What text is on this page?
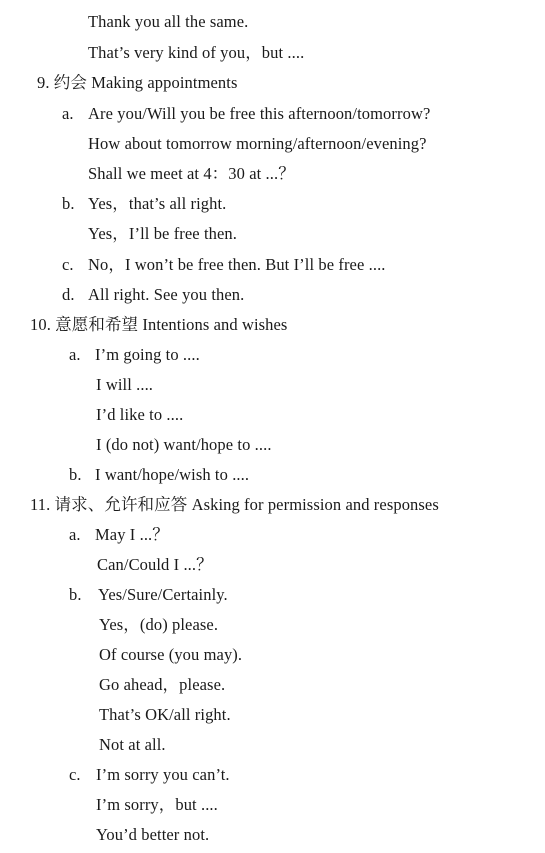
Thank you all the same.
That’s very kind of you，but ....
9. 约会 Making appointments
a. Are you/Will you be free this afternoon/tomorrow?
How about tomorrow morning/afternoon/evening?
Shall we meet at 4：30 at ...？
b. Yes，that’s all right.
Yes，I’ll be free then.
c. No，I won’t be free then. But I’ll be free ....
d. All right. See you then.
10. 意愿和希望 Intentions and wishes
a. I’m going to ....
I will ....
I’d like to ....
I (do not) want/hope to ....
b. I want/hope/wish to ....
11. 请求、允许和应答 Asking for permission and responses
a. May I ...？
Can/Could I ...？
b. Yes/Sure/Certainly.
Yes，(do) please.
Of course (you may).
Go ahead，please.
That’s OK/all right.
Not at all.
c. I’m sorry you can’t.
I’m sorry，but ....
You’d better not.
